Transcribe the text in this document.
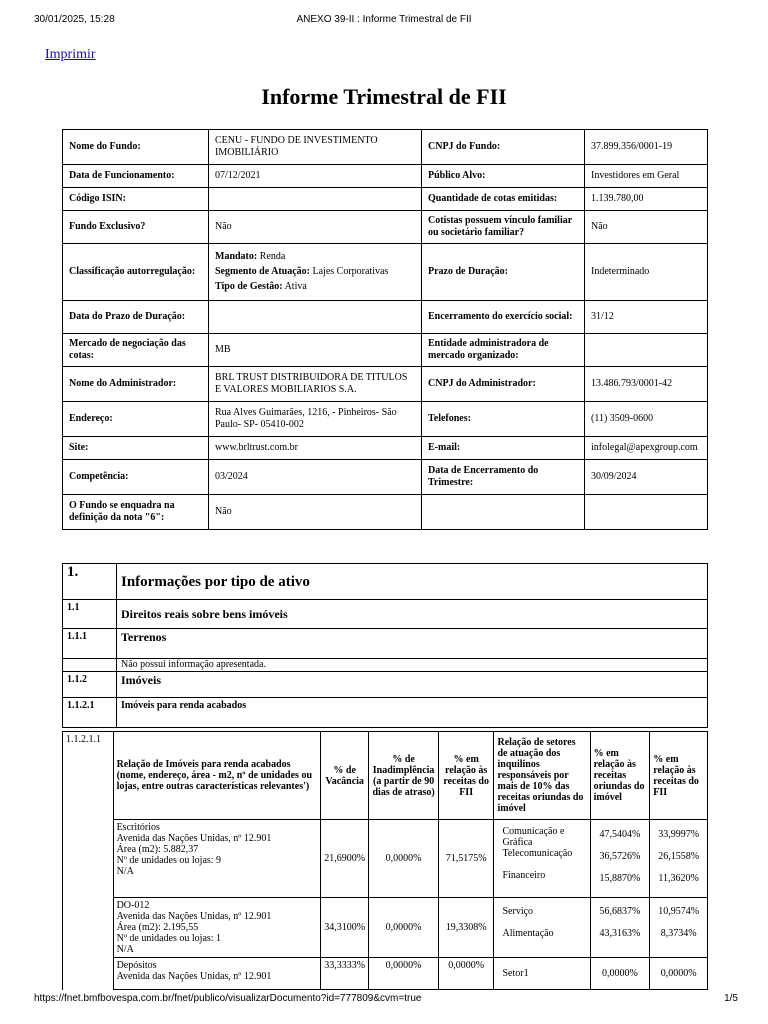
30/01/2025, 15:28	ANEXO 39-II : Informe Trimestral de FII
Imprimir
Informe Trimestral de FII
Nome do Fundo:	CENU - FUNDO DE INVESTIMENTO IMOBILIÁRIO	CNPJ do Fundo:	37.899.356/0001-19
Data de Funcionamento:	07/12/2021	Público Alvo:	Investidores em Geral
Código ISIN:		Quantidade de cotas emitidas:	1.139.780,00
Fundo Exclusivo?	Não	Cotistas possuem vínculo familiar ou societário familiar?	Não
Classificação autorregulação:	Mandato: Renda
Segmento de Atuação: Lajes Corporativas
Tipo de Gestão: Ativa	Prazo de Duração:	Indeterminado
Data do Prazo de Duração:		Encerramento do exercício social:	31/12
Mercado de negociação das cotas:	MB	Entidade administradora de mercado organizado:	
Nome do Administrador:	BRL TRUST DISTRIBUIDORA DE TITULOS E VALORES MOBILIARIOS S.A.	CNPJ do Administrador:	13.486.793/0001-42
Endereço:	Rua Alves Guimarães, 1216, - Pinheiros- São Paulo- SP- 05410-002	Telefones:	(11) 3509-0600
Site:	www.brltrust.com.br	E-mail:	infolegal@apexgroup.com
Competência:	03/2024	Data de Encerramento do Trimestre:	30/09/2024
O Fundo se enquadra na definição da nota "6":	Não		
1.	Informações por tipo de ativo
1.1	Direitos reais sobre bens imóveis
1.1.1	Terrenos
	Não possui informação apresentada.
1.1.2	Imóveis
1.1.2.1	Imóveis para renda acabados
1.1.2.1.1	Relação de Imóveis para renda acabados (nome, endereço, área - m2, nº de unidades ou lojas, entre outras características relevantes')	% de Vacância	% de Inadimplência (a partir de 90 dias de atraso)	% em relação às receitas do FII	Relação de setores de atuação dos inquilinos responsáveis por mais de 10% das receitas oriundas do imóvel	% em relação às receitas oriundas do imóvel	% em relação às receitas do FII

	Escritórios
Avenida das Nações Unidas, nº 12.901
Área (m2): 5.882,37
Nº de unidades ou lojas: 9
N/A	21,6900%	0,0000%	71,5175%	Comunicação e Gráfica
Telecomunicação
Financeiro	47,5404%
36,5726%
15,8870%	33,9997%
26,1558%
11,3620%

	DO-012
Avenida das Nações Unidas, nº 12.901
Área (m2): 2.195,55
Nº de unidades ou lojas: 1
N/A	34,3100%	0,0000%	19,3308%	Serviço
Alimentação	56,6837%
43,3163%	10,9574%
8,3734%

	Depósitos
Avenida das Nações Unidas, nº 12.901	33,3333%	0,0000%	0,0000%	Setor1	0,0000%	0,0000%
https://fnet.bmfbovespa.com.br/fnet/publico/visualizarDocumento?id=777809&cvm=true	1/5
